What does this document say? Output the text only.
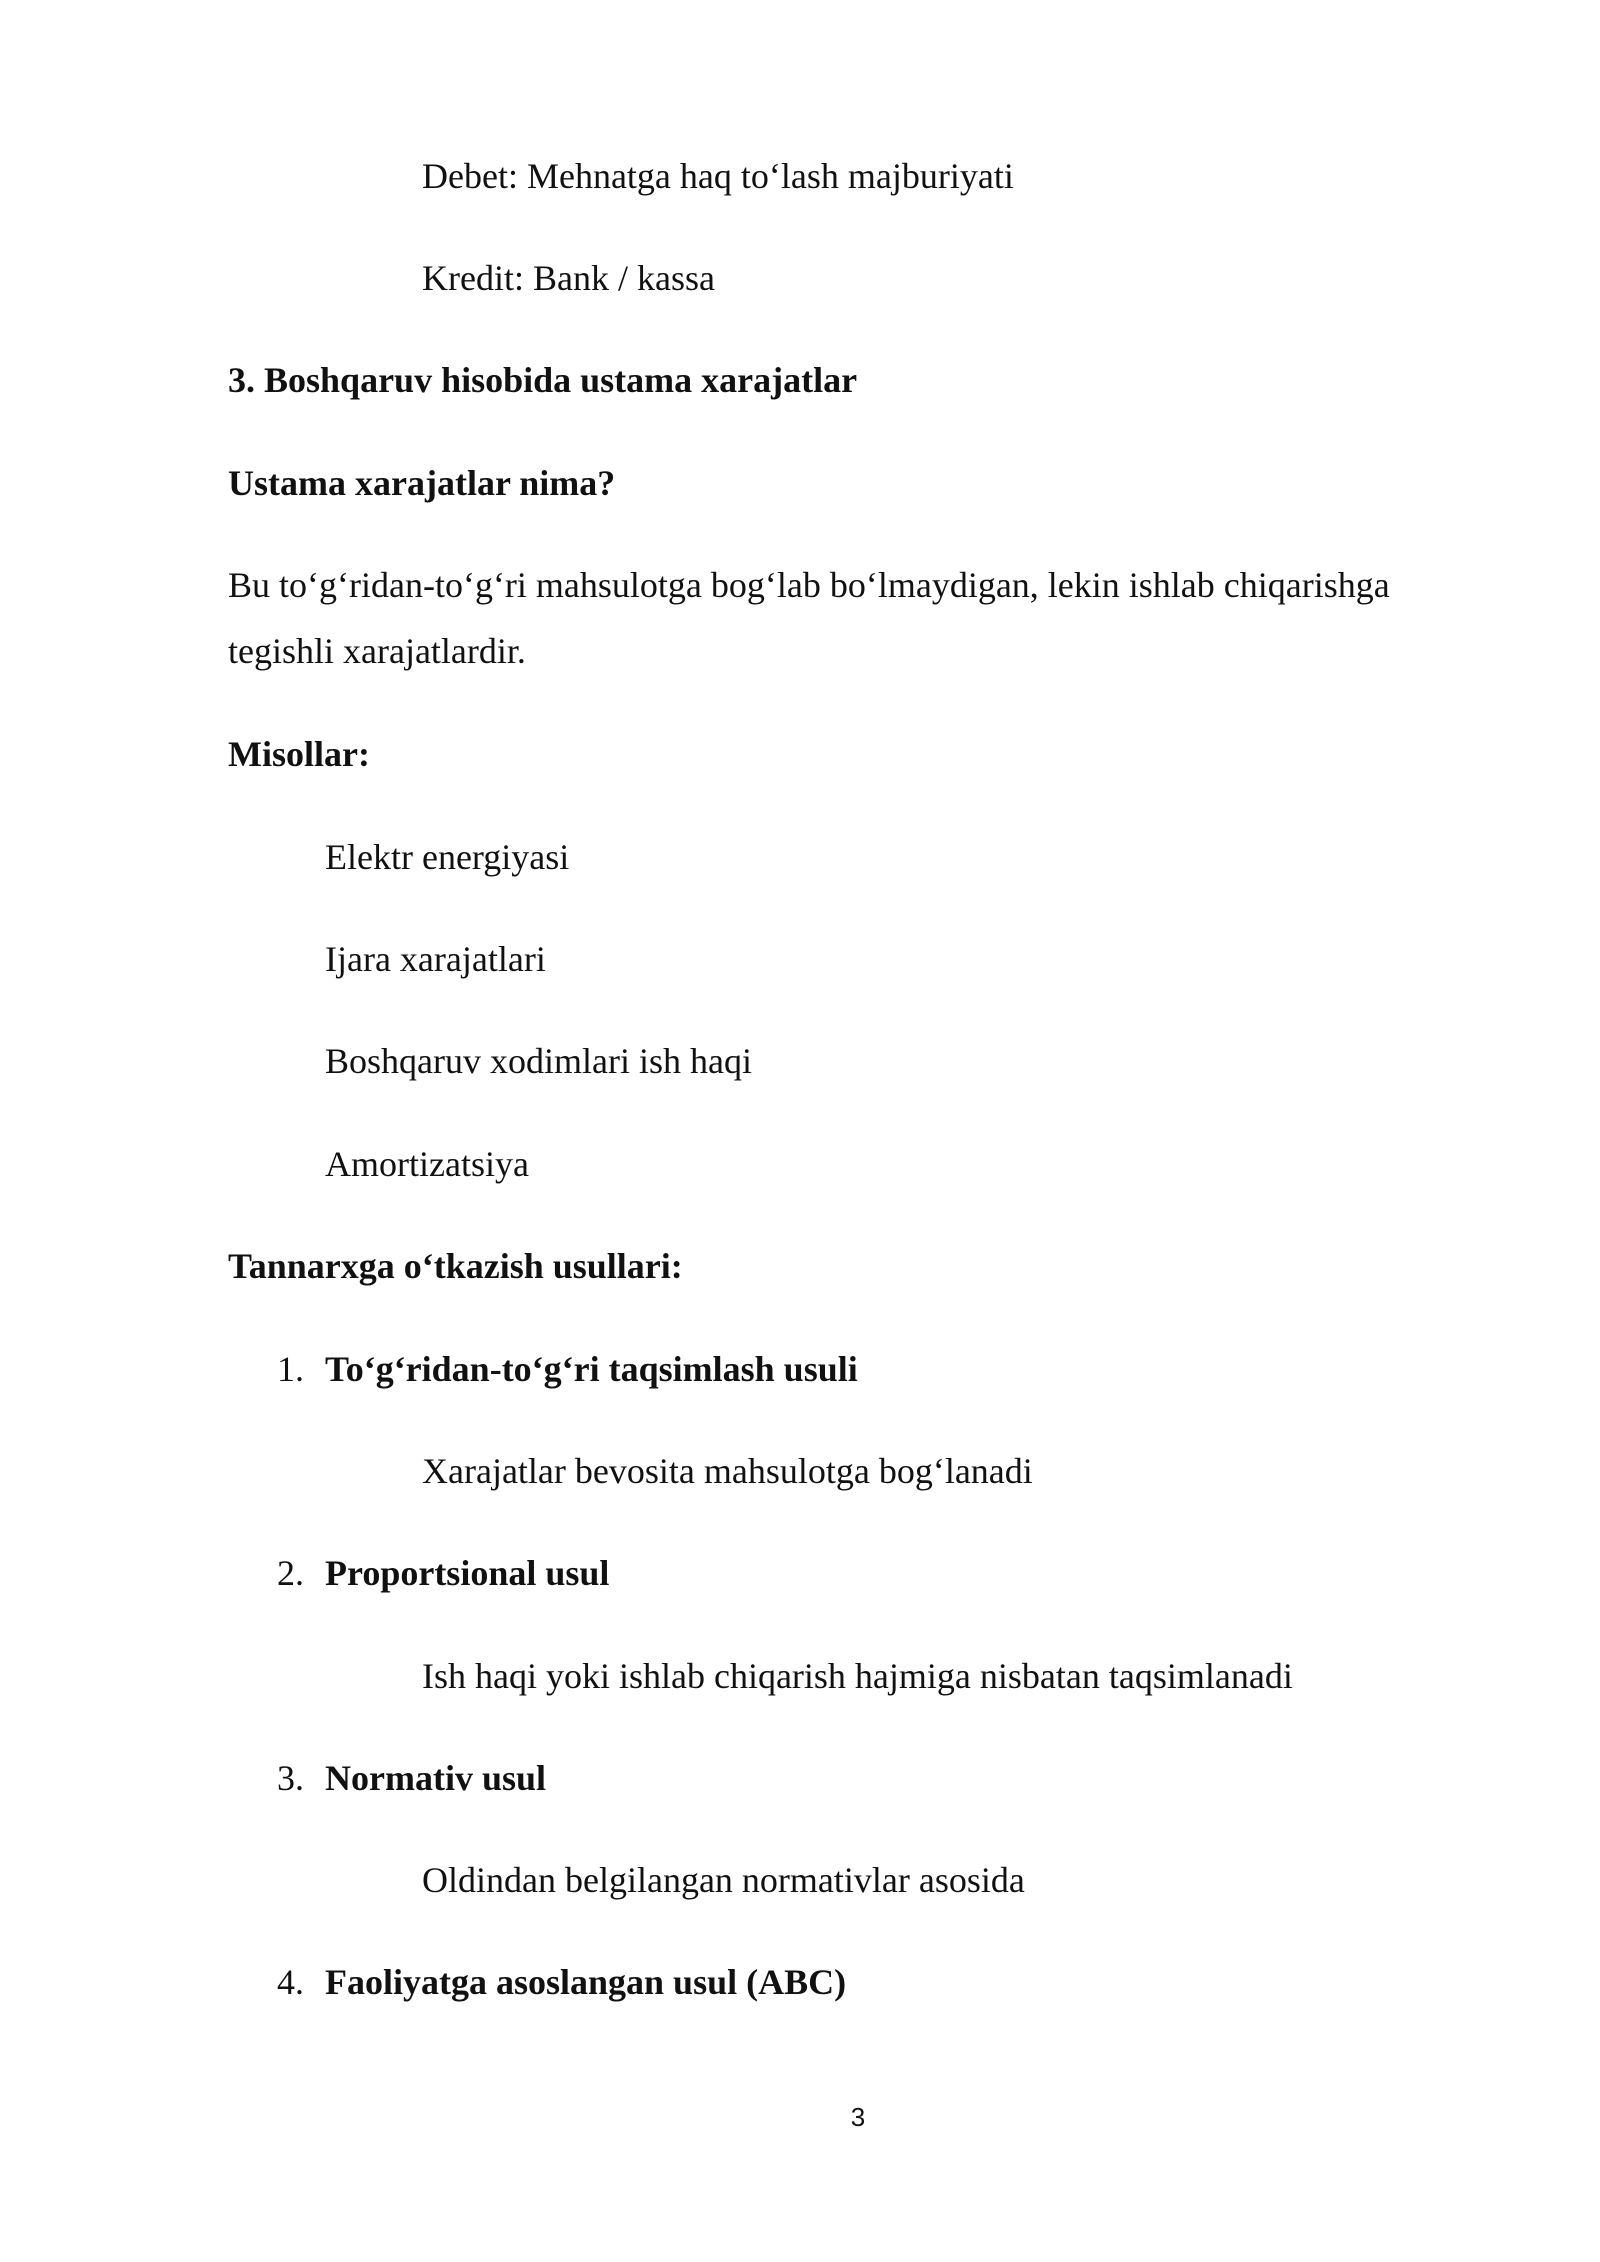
Debet: Mehnatga haq to‘lash majburiyati
Kredit: Bank / kassa
3. Boshqaruv hisobida ustama xarajatlar
Ustama xarajatlar nima?
Bu to‘g‘ridan-to‘g‘ri mahsulotga bog‘lab bo‘lmaydigan, lekin ishlab chiqarishga tegishli xarajatlardir.
Misollar:
Elektr energiyasi
Ijara xarajatlari
Boshqaruv xodimlari ish haqi
Amortizatsiya
Tannarxga o‘tkazish usullari:
1. To‘g‘ridan-to‘g‘ri taqsimlash usuli
Xarajatlar bevosita mahsulotga bog‘lanadi
2. Proportsional usul
Ish haqi yoki ishlab chiqarish hajmiga nisbatan taqsimlanadi
3. Normativ usul
Oldindan belgilangan normativlar asosida
4. Faoliyatga asoslangan usul (ABC)
3
